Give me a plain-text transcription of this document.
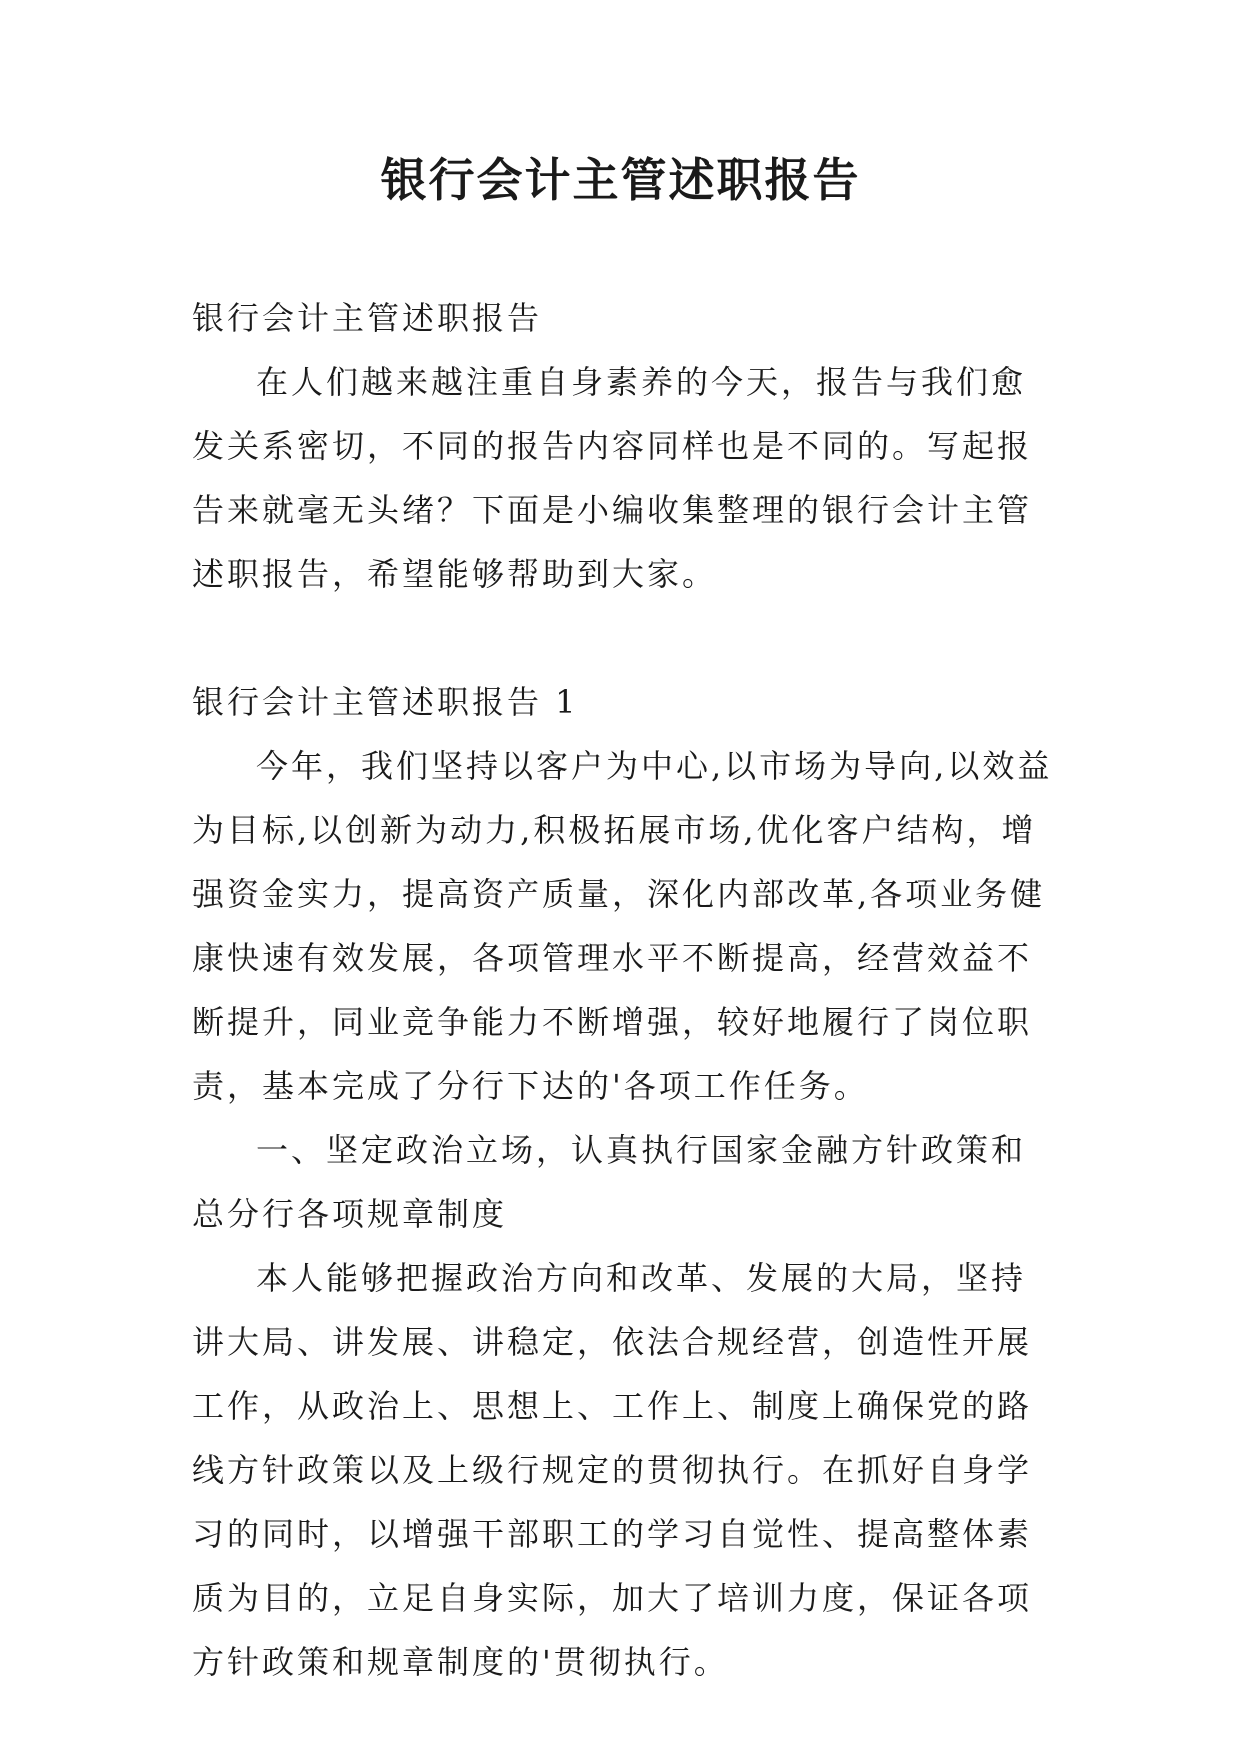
银行会计主管述职报告

银行会计主管述职报告

在人们越来越注重自身素养的今天，报告与我们愈发关系密切，不同的报告内容同样也是不同的。写起报告来就毫无头绪？下面是小编收集整理的银行会计主管述职报告，希望能够帮助到大家。

银行会计主管述职报告 1

今年，我们坚持以客户为中心,以市场为导向,以效益为目标,以创新为动力,积极拓展市场,优化客户结构，增强资金实力，提高资产质量，深化内部改革,各项业务健康快速有效发展，各项管理水平不断提高，经营效益不断提升，同业竞争能力不断增强，较好地履行了岗位职责，基本完成了分行下达的'各项工作任务。

一、坚定政治立场，认真执行国家金融方针政策和总分行各项规章制度

本人能够把握政治方向和改革、发展的大局，坚持讲大局、讲发展、讲稳定，依法合规经营，创造性开展工作，从政治上、思想上、工作上、制度上确保党的路线方针政策以及上级行规定的贯彻执行。在抓好自身学习的同时，以增强干部职工的学习自觉性、提高整体素质为目的，立足自身实际，加大了培训力度，保证各项方针政策和规章制度的'贯彻执行。
